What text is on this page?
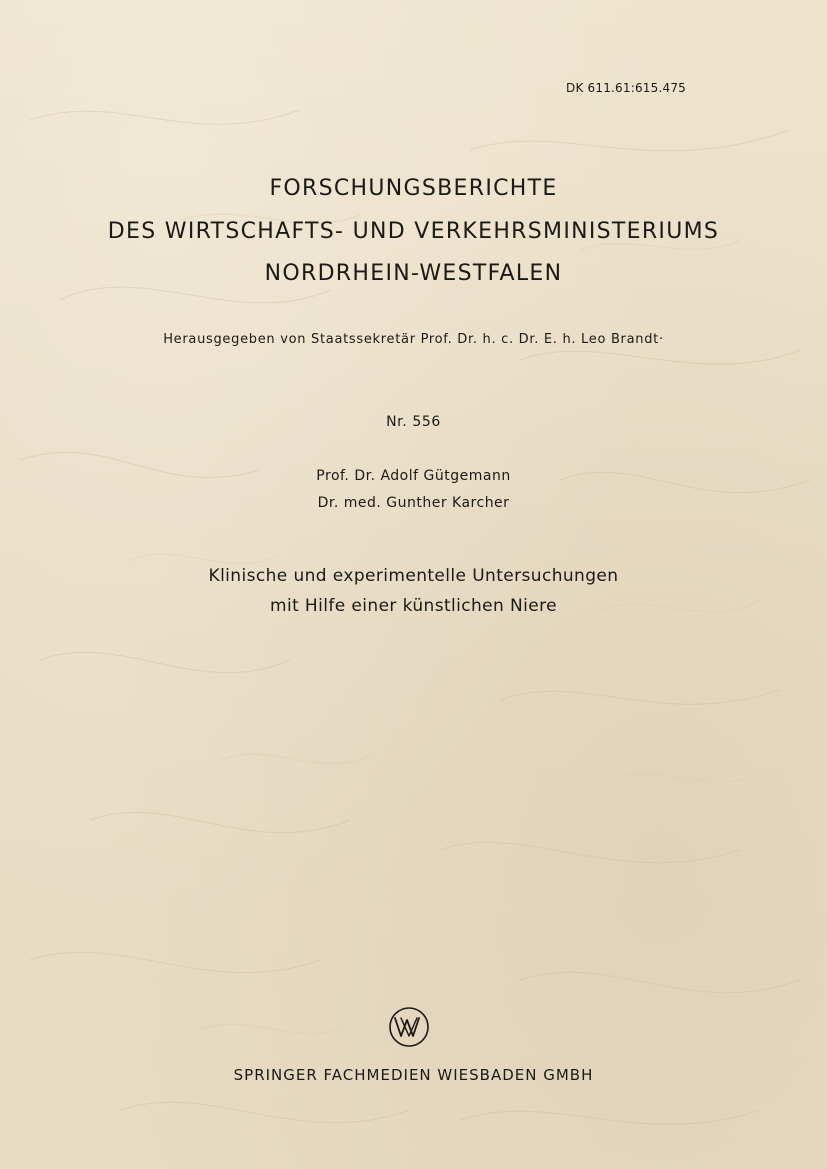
DK 611.61:615.475
FORSCHUNGSBERICHTE
DES WIRTSCHAFTS- UND VERKEHRSMINISTERIUMS
NORDRHEIN-WESTFALEN
Herausgegeben von Staatssekretär Prof. Dr. h. c. Dr. E. h. Leo Brandt·
Nr. 556
Prof. Dr. Adolf Gütgemann
Dr. med. Gunther Karcher
Klinische und experimentelle Untersuchungen
mit Hilfe einer künstlichen Niere
SPRINGER FACHMEDIEN WIESBADEN GMBH
